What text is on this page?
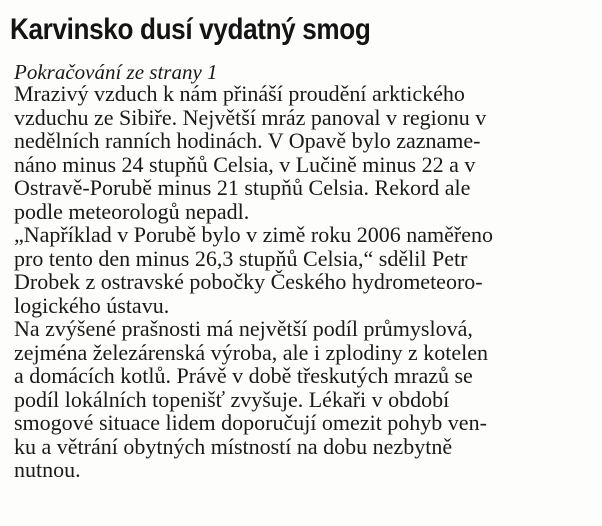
Karvinsko dusí vydatný smog

Pokračování ze strany 1

Mrazivý vzduch k nám přináší proudění arktického
vzduchu ze Sibiře. Největší mráz panoval v regionu v
nedělních ranních hodinách. V Opavě bylo zazname-
náno minus 24 stupňů Celsia, v Lučině minus 22 a v
Ostravě-Porubě minus 21 stupňů Celsia. Rekord ale
podle meteorologů nepadl.
„Například v Porubě bylo v zimě roku 2006 naměřeno
pro tento den minus 26,3 stupňů Celsia,“ sdělil Petr
Drobek z ostravské pobočky Českého hydrometeoro-
logického ústavu.
Na zvýšené prašnosti má největší podíl průmyslová,
zejména železárenská výroba, ale i zplodiny z kotelen
a domácích kotlů. Právě v době třeskutých mrazů se
podíl lokálních topenišť zvyšuje. Lékaři v období
smogové situace lidem doporučují omezit pohyb ven-
ku a větrání obytných místností na dobu nezbytně
nutnou.
